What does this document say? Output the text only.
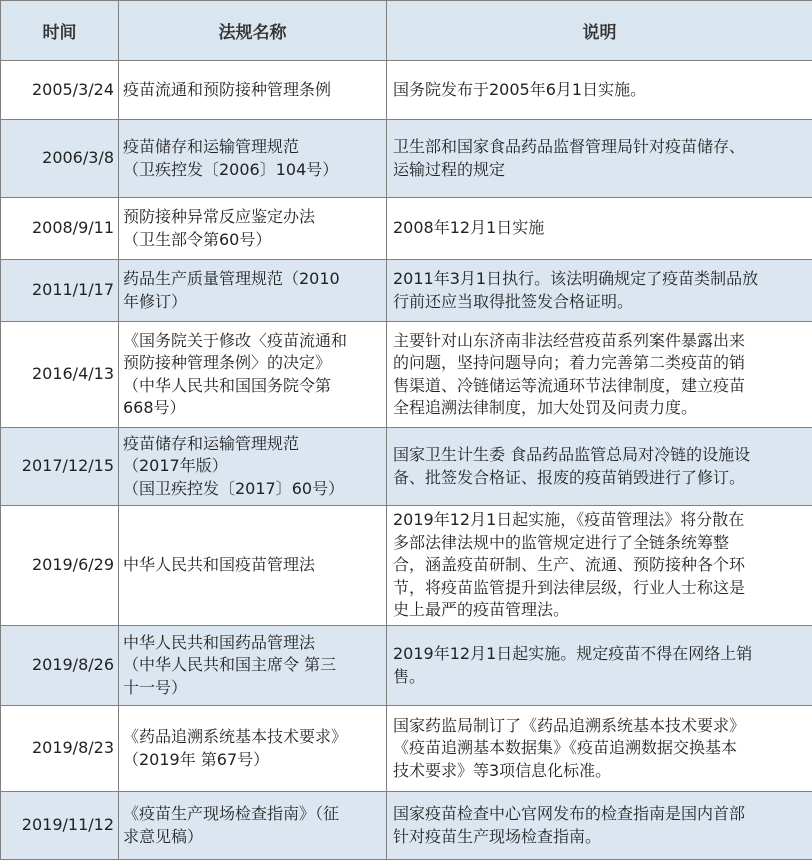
时间	法规名称	说明
2005/3/24	疫苗流通和预防接种管理条例	国务院发布于2005年6月1日实施。

2006/3/8	疫苗储存和运输管理规范
（卫疾控发〔2006〕104号）	卫生部和国家食品药品监督管理局针对疫苗储存、
运输过程的规定

2008/9/11	预防接种异常反应鉴定办法
（卫生部令第60号）	2008年12月1日实施

2011/1/17	药品生产质量管理规范（2010
年修订）	2011年3月1日执行。该法明确规定了疫苗类制品放
行前还应当取得批签发合格证明。

2016/4/13	《国务院关于修改〈疫苗流通和
预防接种管理条例〉的决定》
（中华人民共和国国务院令第
668号）	主要针对山东济南非法经营疫苗系列案件暴露出来
的问题，坚持问题导向；着力完善第二类疫苗的销
售渠道、冷链储运等流通环节法律制度，建立疫苗
全程追溯法律制度，加大处罚及问责力度。

2017/12/15	疫苗储存和运输管理规范
（2017年版）
（国卫疾控发〔2017〕60号）	国家卫生计生委 食品药品监管总局对冷链的设施设
备、批签发合格证、报废的疫苗销毁进行了修订。

2019/6/29	中华人民共和国疫苗管理法	2019年12月1日起实施，《疫苗管理法》将分散在
多部法律法规中的监管规定进行了全链条统筹整
合，涵盖疫苗研制、生产、流通、预防接种各个环
节，将疫苗监管提升到法律层级，行业人士称这是
史上最严的疫苗管理法。

2019/8/26	中华人民共和国药品管理法
（中华人民共和国主席令 第三
十一号）	2019年12月1日起实施。规定疫苗不得在网络上销
售。

2019/8/23	《药品追溯系统基本技术要求》
（2019年 第67号）	国家药监局制订了《药品追溯系统基本技术要求》
《疫苗追溯基本数据集》《疫苗追溯数据交换基本
技术要求》等3项信息化标准。

2019/11/12	《疫苗生产现场检查指南》（征
求意见稿）	国家疫苗检查中心官网发布的检查指南是国内首部
针对疫苗生产现场检查指南。
